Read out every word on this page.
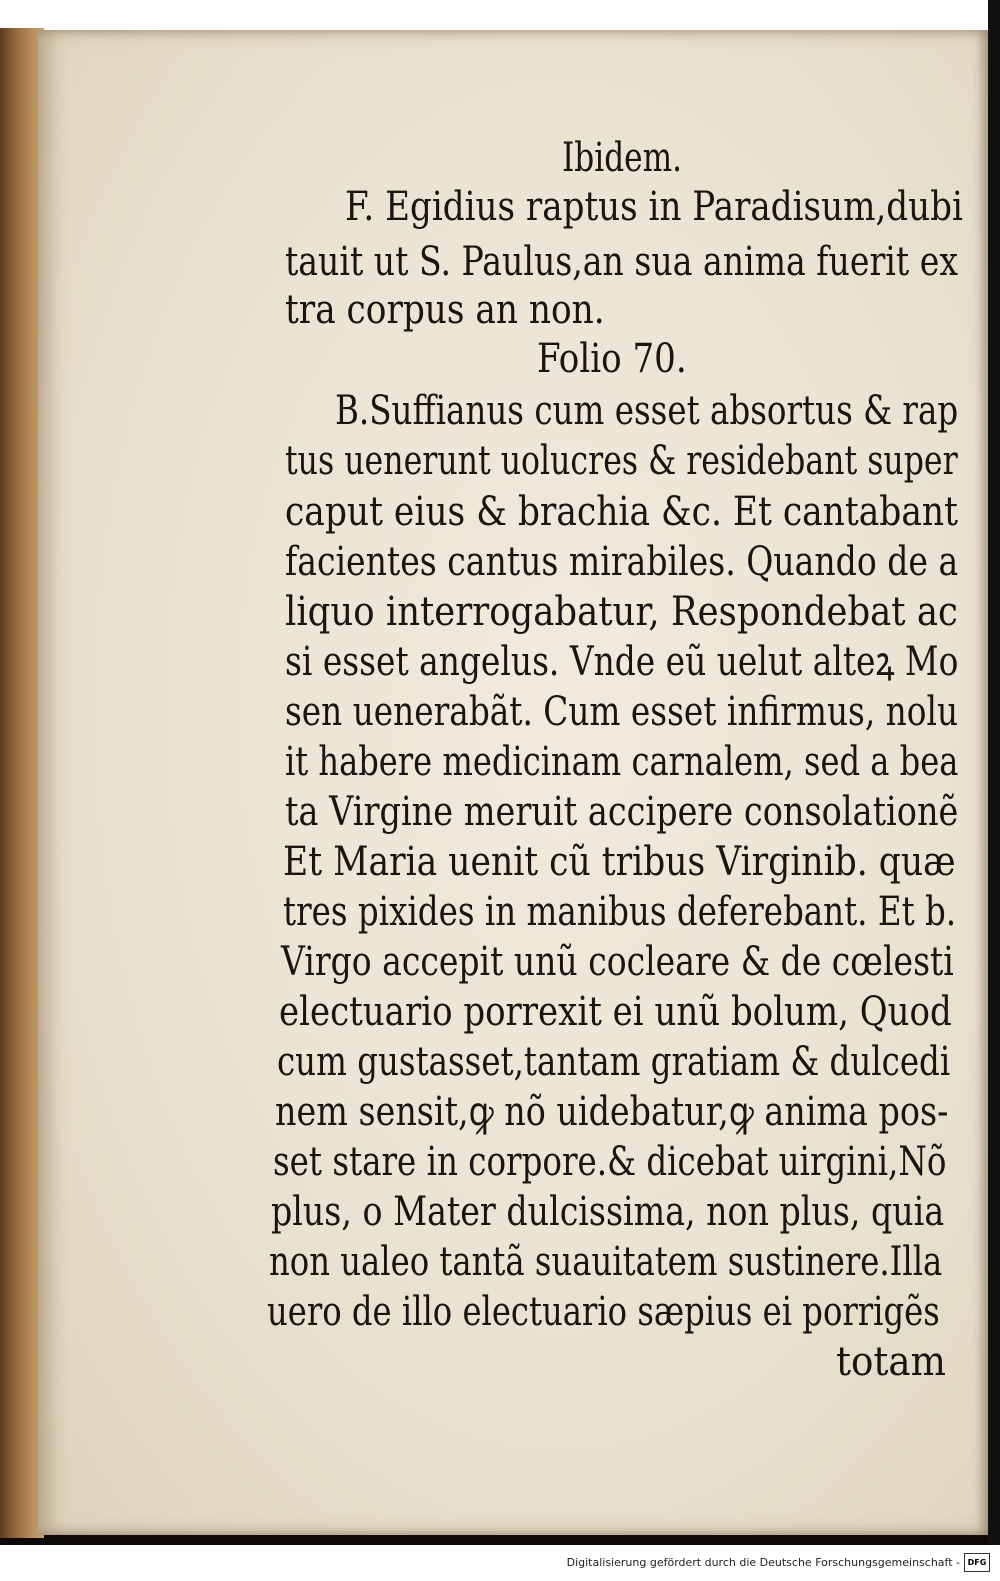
Ibidem.

F. Egidius raptus in Paradisum,dubi

tauit ut S. Paulus,an sua anima fuerit ex

tra corpus an non.

Folio 70.

B.Suffianus cum esset absortus & rap

tus uenerunt uolucres & residebant super

caput eius & brachia &c. Et cantabant

facientes cantus mirabiles. Quando de a

liquo interrogabatur, Respondebat ac

si esset angelus. Vnde eũ uelut alteꝝ Mo

sen uenerabãt. Cum esset infirmus, nolu

it habere medicinam carnalem, sed a bea

ta Virgine meruit accipere consolationẽ

Et Maria uenit cũ tribus Virginib. quæ

tres pixides in manibus deferebant. Et b.

Virgo accepit unũ cocleare & de cœlesti

electuario porrexit ei unũ bolum, Quod

cum gustasset,tantam gratiam & dulcedi

nem sensit,ꝙ nõ uidebatur,ꝙ anima pos-

set stare in corpore.& dicebat uirgini,Nõ

plus, o Mater dulcissima, non plus, quia

non ualeo tantã suauitatem sustinere.Illa

uero de illo electuario sæpius ei porrigẽs

totam

Digitalisierung gefördert durch die Deutsche Forschungsgemeinschaft - DFG
